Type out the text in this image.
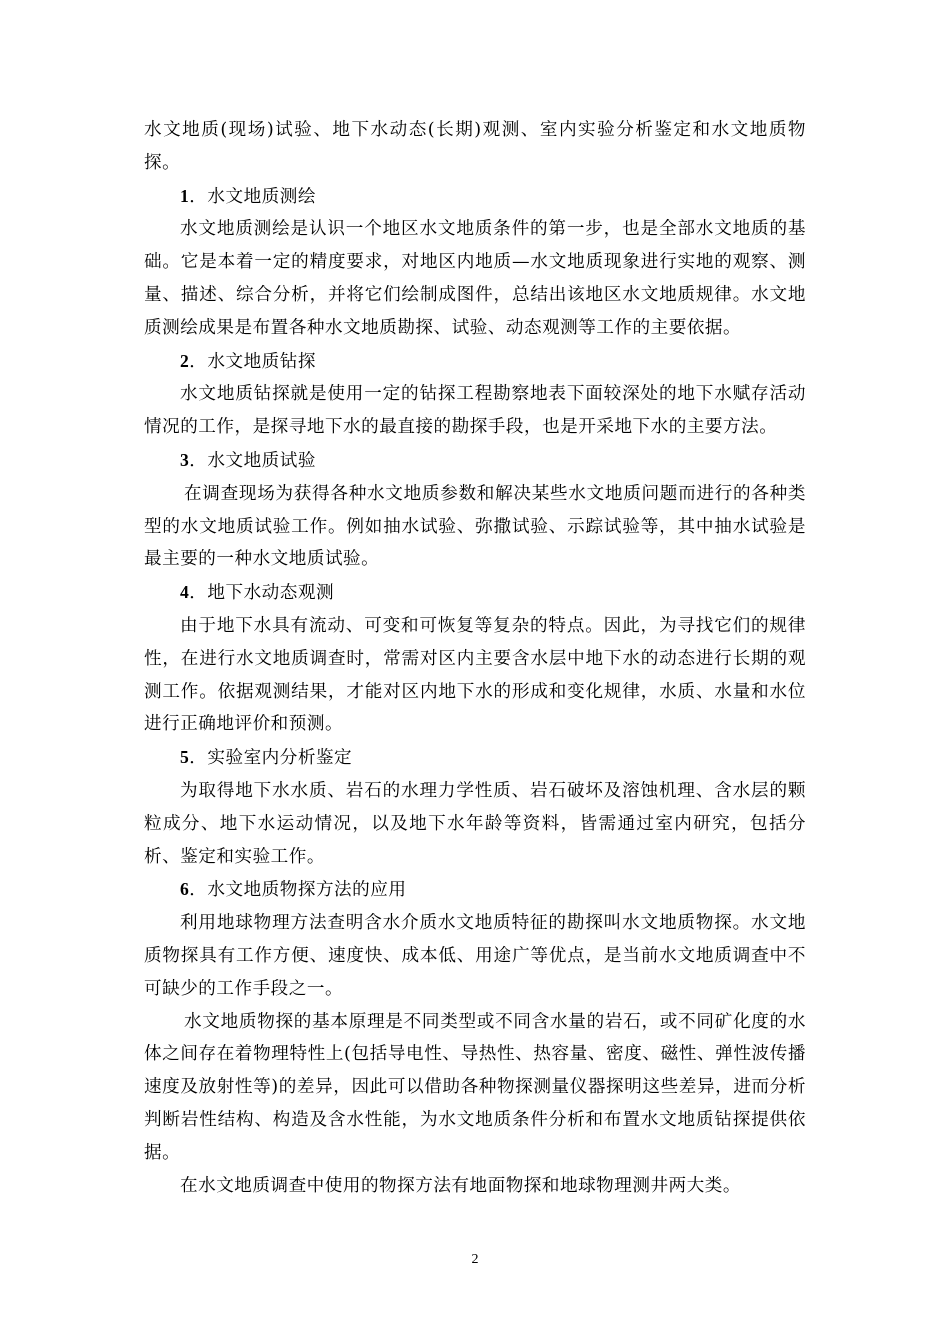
水文地质(现场)试验、地下水动态(长期)观测、室内实验分析鉴定和水文地质物探。

1．水文地质测绘

水文地质测绘是认识一个地区水文地质条件的第一步，也是全部水文地质的基础。它是本着一定的精度要求，对地区内地质—水文地质现象进行实地的观察、测量、描述、综合分析，并将它们绘制成图件，总结出该地区水文地质规律。水文地质测绘成果是布置各种水文地质勘探、试验、动态观测等工作的主要依据。

2．水文地质钻探

水文地质钻探就是使用一定的钻探工程勘察地表下面较深处的地下水赋存活动情况的工作，是探寻地下水的最直接的勘探手段，也是开采地下水的主要方法。

3．水文地质试验

在调查现场为获得各种水文地质参数和解决某些水文地质问题而进行的各种类型的水文地质试验工作。例如抽水试验、弥撒试验、示踪试验等，其中抽水试验是最主要的一种水文地质试验。

4．地下水动态观测

由于地下水具有流动、可变和可恢复等复杂的特点。因此，为寻找它们的规律性，在进行水文地质调查时，常需对区内主要含水层中地下水的动态进行长期的观测工作。依据观测结果，才能对区内地下水的形成和变化规律，水质、水量和水位进行正确地评价和预测。

5．实验室内分析鉴定

为取得地下水水质、岩石的水理力学性质、岩石破坏及溶蚀机理、含水层的颗粒成分、地下水运动情况，以及地下水年龄等资料，皆需通过室内研究，包括分析、鉴定和实验工作。

6．水文地质物探方法的应用

利用地球物理方法查明含水介质水文地质特征的勘探叫水文地质物探。水文地质物探具有工作方便、速度快、成本低、用途广等优点，是当前水文地质调查中不可缺少的工作手段之一。

水文地质物探的基本原理是不同类型或不同含水量的岩石，或不同矿化度的水体之间存在着物理特性上(包括导电性、导热性、热容量、密度、磁性、弹性波传播速度及放射性等)的差异，因此可以借助各种物探测量仪器探明这些差异，进而分析判断岩性结构、构造及含水性能，为水文地质条件分析和布置水文地质钻探提供依据。

在水文地质调查中使用的物探方法有地面物探和地球物理测井两大类。

2
